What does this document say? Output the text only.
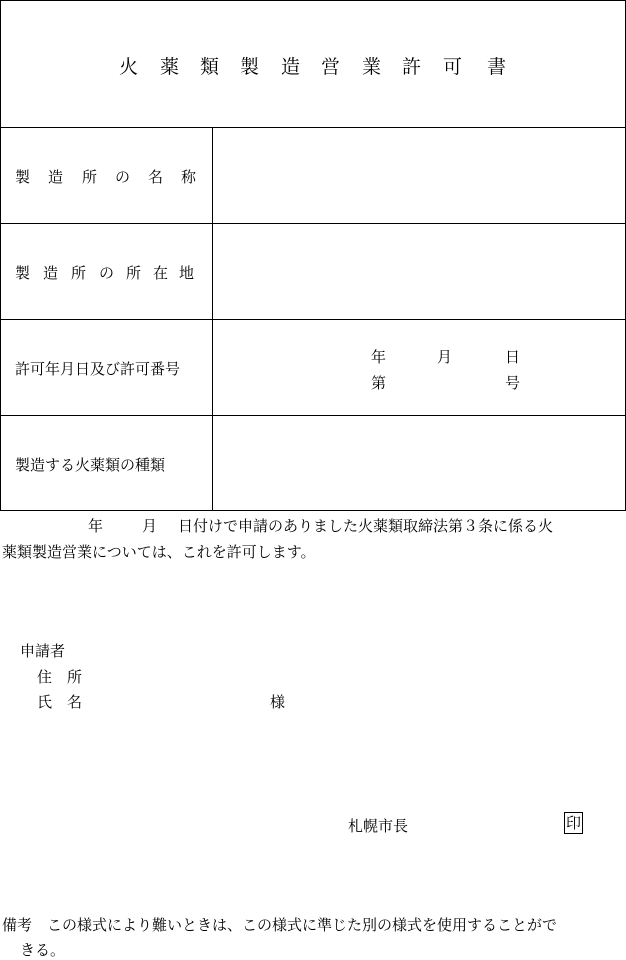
火 薬 類 製 造 営 業 許 可 書
製 造 所 の 名 称
製 造 所 の 所 在 地
許可年月日及び許可番号
年	月	日
第	号
製造する火薬類の種類
年	月 日付けで申請のありました火薬類取締法第３条に係る火
薬類製造営業については、これを許可します。
申請者
住　所
氏　名	様
札幌市長	印
備考　この様式により難いときは、この様式に準じた別の様式を使用することがで
きる。
